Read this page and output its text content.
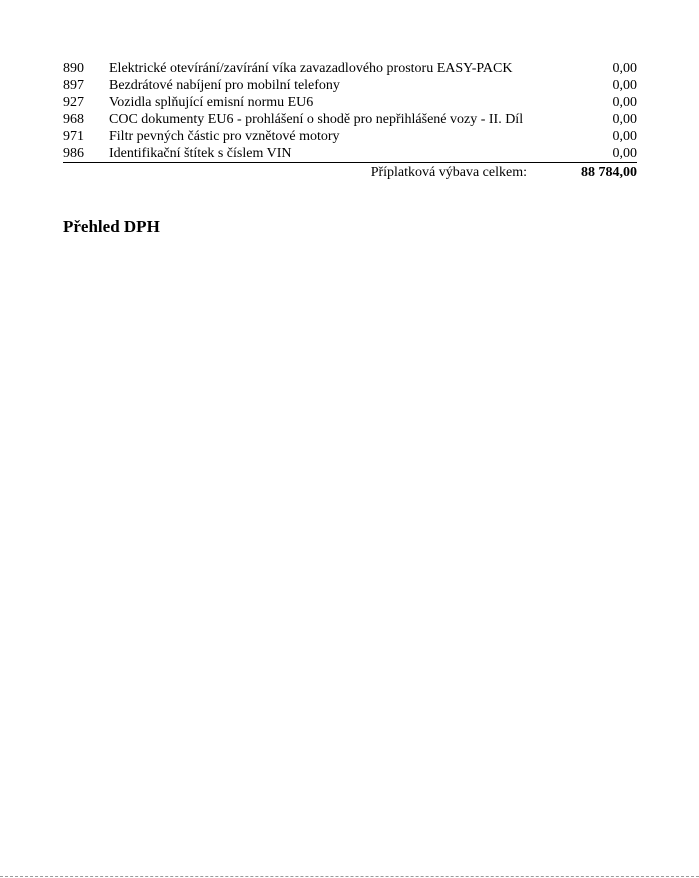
890	Elektrické otevírání/zavírání víka zavazadlového prostoru EASY-PACK	0,00
897	Bezdrátové nabíjení pro mobilní telefony	0,00
927	Vozidla splňující emisní normu EU6	0,00
968	COC dokumenty EU6 - prohlášení o shodě pro nepřihlášené vozy - II. Díl	0,00
971	Filtr pevných částic pro vznětové motory	0,00
986	Identifikační štítek s číslem VIN	0,00
Příplatková výbava celkem:		88 784,00
Přehled DPH
